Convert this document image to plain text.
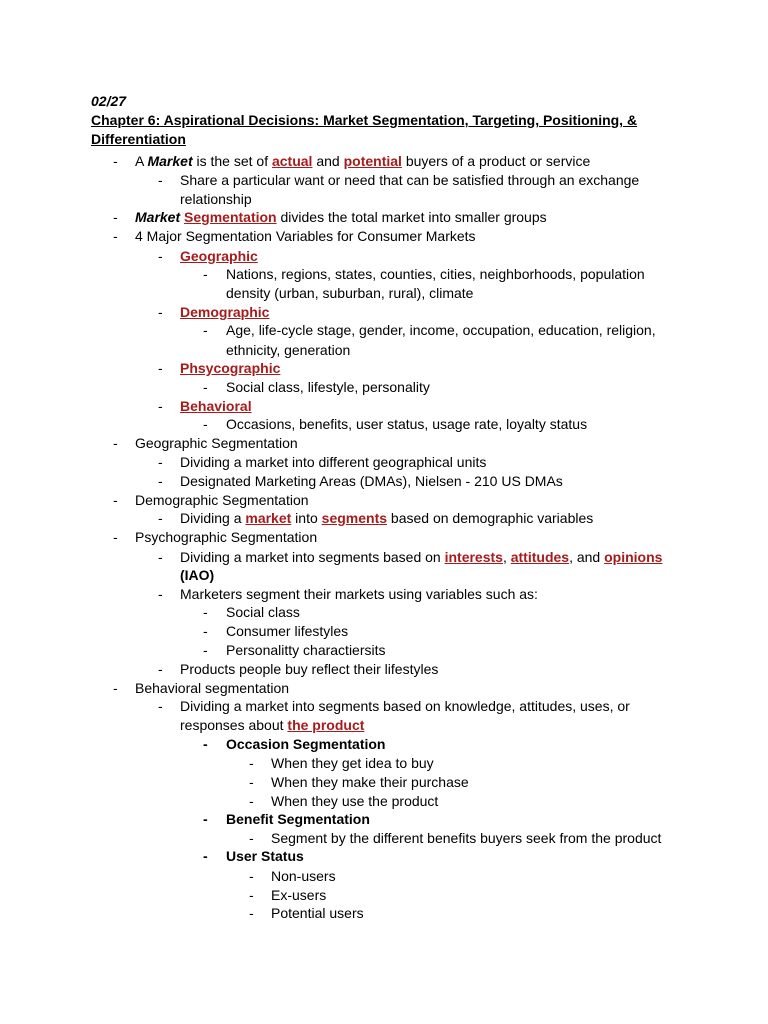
02/27
Chapter 6: Aspirational Decisions: Market Segmentation, Targeting, Positioning, &
Differentiation
- A Market is the set of actual and potential buyers of a product or service
- Share a particular want or need that can be satisfied through an exchange
relationship
- Market Segmentation divides the total market into smaller groups
- 4 Major Segmentation Variables for Consumer Markets
- Geographic
- Nations, regions, states, counties, cities, neighborhoods, population
density (urban, suburban, rural), climate
- Demographic
- Age, life-cycle stage, gender, income, occupation, education, religion,
ethnicity, generation
- Phsycographic
- Social class, lifestyle, personality
- Behavioral
- Occasions, benefits, user status, usage rate, loyalty status
- Geographic Segmentation
- Dividing a market into different geographical units
- Designated Marketing Areas (DMAs), Nielsen - 210 US DMAs
- Demographic Segmentation
- Dividing a market into segments based on demographic variables
- Psychographic Segmentation
- Dividing a market into segments based on interests, attitudes, and opinions
(IAO)
- Marketers segment their markets using variables such as:
- Social class
- Consumer lifestyles
- Personalitty charactiersits
- Products people buy reflect their lifestyles
- Behavioral segmentation
- Dividing a market into segments based on knowledge, attitudes, uses, or
responses about the product
- Occasion Segmentation
- When they get idea to buy
- When they make their purchase
- When they use the product
- Benefit Segmentation
- Segment by the different benefits buyers seek from the product
- User Status
- Non-users
- Ex-users
- Potential users
